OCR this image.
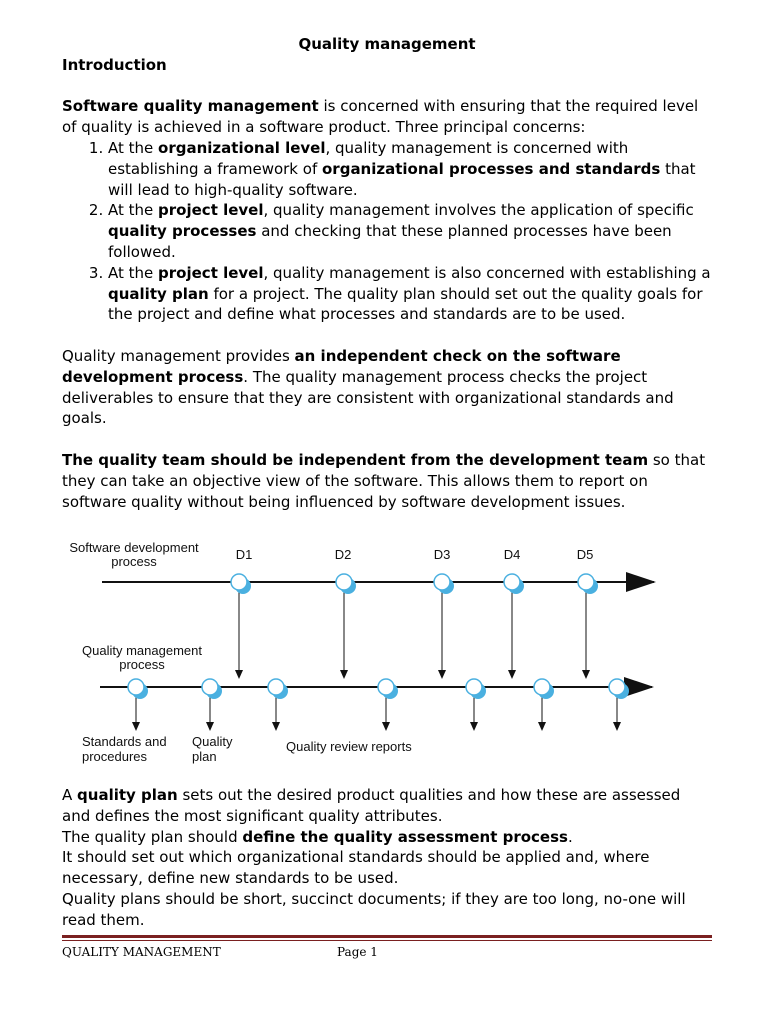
Quality management

Introduction

Software quality management is concerned with ensuring that the required level of quality is achieved in a software product. Three principal concerns:

1. At the organizational level, quality management is concerned with establishing a framework of organizational processes and standards that will lead to high-quality software.
2. At the project level, quality management involves the application of specific quality processes and checking that these planned processes have been followed.
3. At the project level, quality management is also concerned with establishing a quality plan for a project. The quality plan should set out the quality goals for the project and define what processes and standards are to be used.

Quality management provides an independent check on the software development process. The quality management process checks the project deliverables to ensure that they are consistent with organizational standards and goals.

The quality team should be independent from the development team so that they can take an objective view of the software. This allows them to report on software quality without being influenced by software development issues.

Software development
process
Quality management
process
D1	D2	D3	D4	D5
Standards and
procedures
Quality
plan
Quality review reports

A quality plan sets out the desired product qualities and how these are assessed and defines the most significant quality attributes.

The quality plan should define the quality assessment process.

It should set out which organizational standards should be applied and, where necessary, define new standards to be used.

Quality plans should be short, succinct documents; if they are too long, no-one will read them.

QUALITY MANAGEMENT	Page 1
